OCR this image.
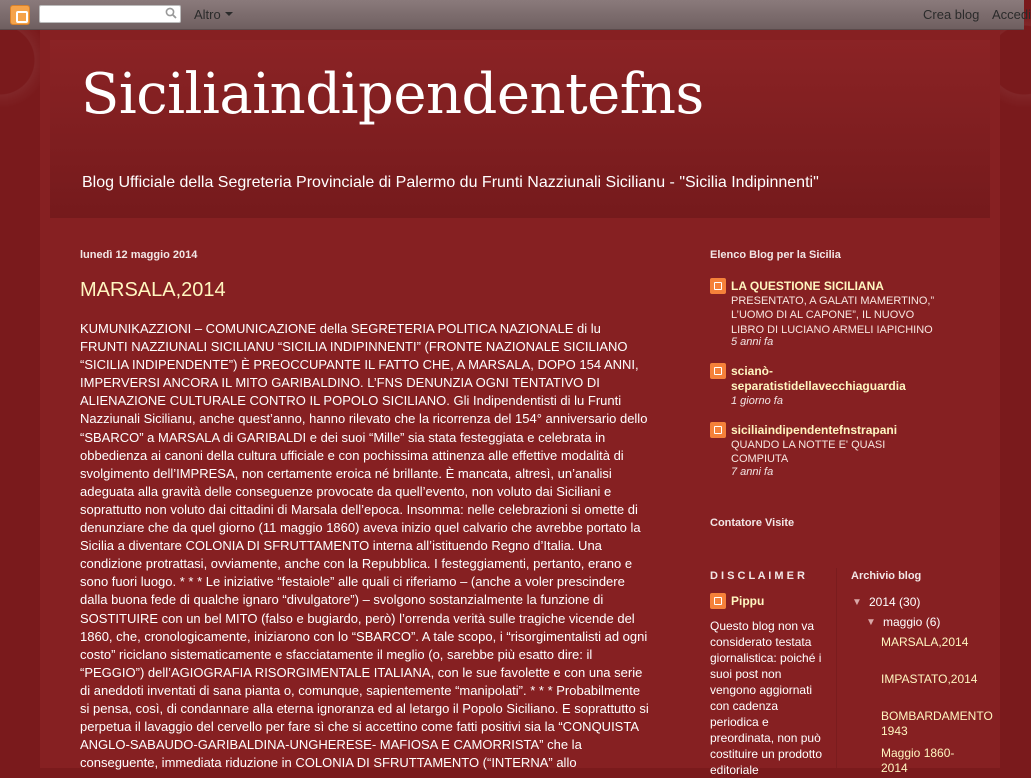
Altro	Crea blog Accedi
Siciliaindipendentefns
Blog Ufficiale della Segreteria Provinciale di Palermo du Frunti Nazziunali Sicilianu - "Sicilia Indipinnenti"
lunedì 12 maggio 2014
MARSALA,2014
KUMUNIKAZZIONI – COMUNICAZIONE della SEGRETERIA POLITICA NAZIONALE di lu FRUNTI NAZZIUNALI SICILIANU “SICILIA INDIPINNENTI” (FRONTE NAZIONALE SICILIANO “SICILIA INDIPENDENTE”) È PREOCCUPANTE IL FATTO CHE, A MARSALA, DOPO 154 ANNI, IMPERVERSI ANCORA IL MITO GARIBALDINO. L’FNS DENUNZIA OGNI TENTATIVO DI ALIENAZIONE CULTURALE CONTRO IL POPOLO SICILIANO. Gli Indipendentisti di lu Frunti Nazziunali Sicilianu, anche quest’anno, hanno rilevato che la ricorrenza del 154° anniversario dello “SBARCO” a MARSALA di GARIBALDI e dei suoi “Mille” sia stata festeggiata e celebrata in obbedienza ai canoni della cultura ufficiale e con pochissima attinenza alle effettive modalità di svolgimento dell’IMPRESA, non certamente eroica né brillante. È mancata, altresì, un’analisi adeguata alla gravità delle conseguenze provocate da quell’evento, non voluto dai Siciliani e soprattutto non voluto dai cittadini di Marsala dell’epoca. Insomma: nelle celebrazioni si omette di denunziare che da quel giorno (11 maggio 1860) aveva inizio quel calvario che avrebbe portato la Sicilia a diventare COLONIA DI SFRUTTAMENTO interna all’istituendo Regno d’Italia. Una condizione protrattasi, ovviamente, anche con la Repubblica. I festeggiamenti, pertanto, erano e sono fuori luogo. * * * Le iniziative “festaiole” alle quali ci riferiamo – (anche a voler prescindere dalla buona fede di qualche ignaro “divulgatore”) – svolgono sostanzialmente la funzione di SOSTITUIRE con un bel MITO (falso e bugiardo, però) l’orrenda verità sulle tragiche vicende del 1860, che, cronologicamente, iniziarono con lo “SBARCO”. A tale scopo, i “risorgimentalisti ad ogni costo” riciclano sistematicamente e sfacciatamente il meglio (o, sarebbe più esatto dire: il “PEGGIO”) dell’AGIOGRAFIA RISORGIMENTALE ITALIANA, con le sue favolette e con una serie di aneddoti inventati di sana pianta o, comunque, sapientemente “manipolati”. * * * Probabilmente si pensa, così, di condannare alla eterna ignoranza ed al letargo il Popolo Siciliano. E soprattutto si perpetua il lavaggio del cervello per fare sì che si accettino come fatti positivi sia la “CONQUISTA ANGLO-SABAUDO-GARIBALDINA-UNGHERESE- MAFIOSA E CAMORRISTA” che la conseguente, immediata riduzione in COLONIA DI SFRUTTAMENTO (“INTERNA” allo
Elenco Blog per la Sicilia
LA QUESTIONE SICILIANA
PRESENTATO, A GALATI MAMERTINO,” L’UOMO DI AL CAPONE”, IL NUOVO LIBRO DI LUCIANO ARMELI IAPICHINO
5 anni fa
scianò-separatistidellavecchiaguardia
1 giorno fa
siciliaindipendentefnstrapani
QUANDO LA NOTTE E' QUASI COMPIUTA
7 anni fa
Contatore Visite
D I S C L A I M E R
Pippu
Questo blog non va considerato testata giornalistica: poiché i suoi post non vengono aggiornati con cadenza periodica e preordinata, non può costituire un prodotto editoriale
Archivio blog
▼ 2014 (30)
▼ maggio (6)
MARSALA,2014
IMPASTATO,2014
BOMBARDAMENTO 1943
Maggio 1860-2014
